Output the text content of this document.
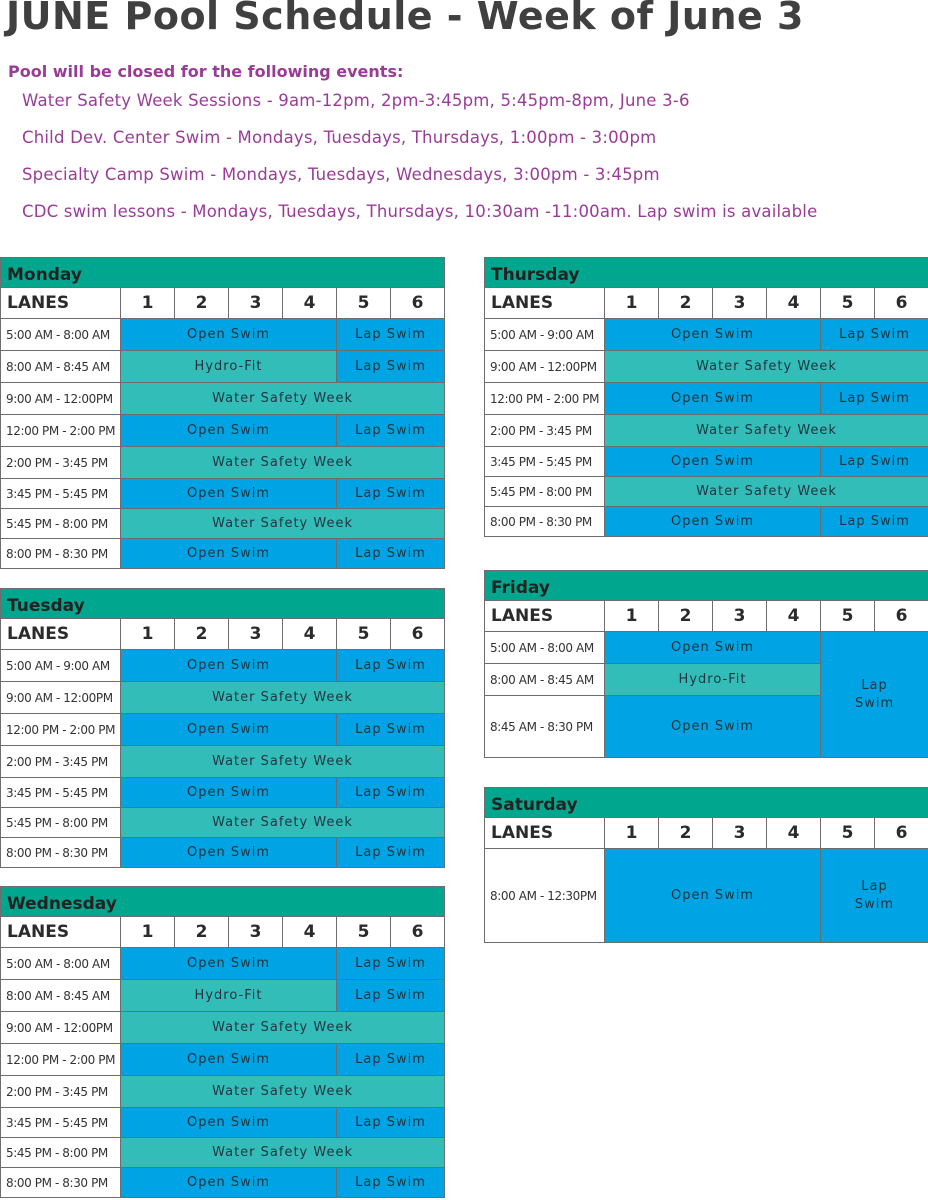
JUNE Pool Schedule - Week of June 3
Pool will be closed for the following events:
Water Safety Week Sessions - 9am-12pm, 2pm-3:45pm, 5:45pm-8pm, June 3-6
Child Dev. Center Swim - Mondays, Tuesdays, Thursdays, 1:00pm - 3:00pm
Specialty Camp Swim - Mondays, Tuesdays, Wednesdays, 3:00pm - 3:45pm
CDC swim lessons - Mondays, Tuesdays, Thursdays, 10:30am -11:00am. Lap swim is available
Monday						
LANES	1	2	3	4	5	6
5:00 AM - 8:00 AM	Open Swim				Lap Swim	
8:00 AM - 8:45 AM	Hydro-Fit				Lap Swim	
9:00 AM - 12:00PM	Water Safety Week					
12:00 PM - 2:00 PM	Open Swim				Lap Swim	
2:00 PM - 3:45 PM	Water Safety Week					
3:45 PM - 5:45 PM	Open Swim				Lap Swim	
5:45 PM - 8:00 PM	Water Safety Week					
8:00 PM - 8:30 PM	Open Swim				Lap Swim	
Tuesday						
LANES	1	2	3	4	5	6
5:00 AM - 9:00 AM	Open Swim				Lap Swim	
9:00 AM - 12:00PM	Water Safety Week					
12:00 PM - 2:00 PM	Open Swim				Lap Swim	
2:00 PM - 3:45 PM	Water Safety Week					
3:45 PM - 5:45 PM	Open Swim				Lap Swim	
5:45 PM - 8:00 PM	Water Safety Week					
8:00 PM - 8:30 PM	Open Swim				Lap Swim	
Wednesday						
LANES	1	2	3	4	5	6
5:00 AM - 8:00 AM	Open Swim				Lap Swim	
8:00 AM - 8:45 AM	Hydro-Fit				Lap Swim	
9:00 AM - 12:00PM	Water Safety Week					
12:00 PM - 2:00 PM	Open Swim				Lap Swim	
2:00 PM - 3:45 PM	Water Safety Week					
3:45 PM - 5:45 PM	Open Swim				Lap Swim	
5:45 PM - 8:00 PM	Water Safety Week					
8:00 PM - 8:30 PM	Open Swim				Lap Swim	
Thursday						
LANES	1	2	3	4	5	6
5:00 AM - 9:00 AM	Open Swim				Lap Swim	
9:00 AM - 12:00PM	Water Safety Week					
12:00 PM - 2:00 PM	Open Swim				Lap Swim	
2:00 PM - 3:45 PM	Water Safety Week					
3:45 PM - 5:45 PM	Open Swim				Lap Swim	
5:45 PM - 8:00 PM	Water Safety Week					
8:00 PM - 8:30 PM	Open Swim				Lap Swim	
Friday						
LANES	1	2	3	4	5	6
5:00 AM - 8:00 AM	Open Swim				Lap
Swim	
8:00 AM - 8:45 AM	Hydro-Fit					
8:45 AM - 8:30 PM	Open Swim					
Saturday						
LANES	1	2	3	4	5	6
8:00 AM - 12:30PM	Open Swim				Lap
Swim	
